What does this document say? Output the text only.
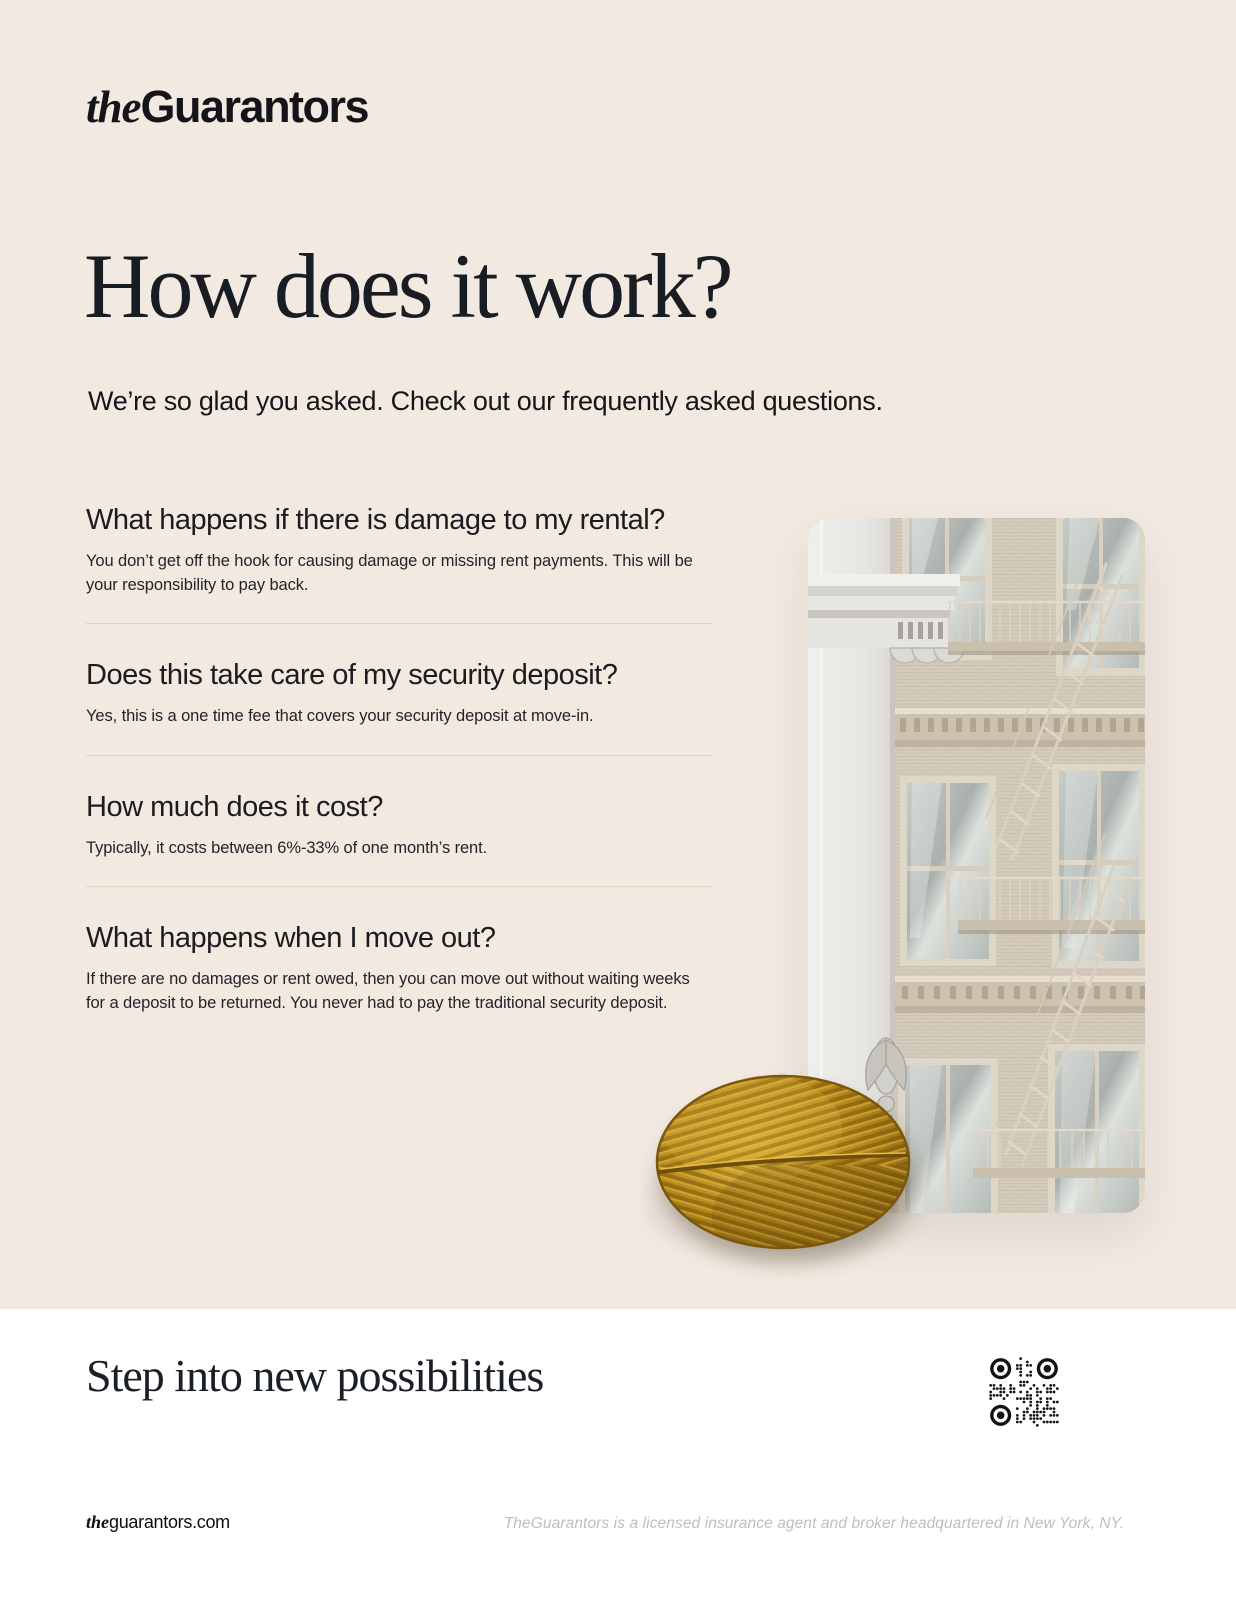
theGuarantors
How does it work?

We’re so glad you asked. Check out our frequently asked questions.

What happens if there is damage to my rental?

You don’t get off the hook for causing damage or missing rent payments. This will be your responsibility to pay back.

Does this take care of my security deposit?

Yes, this is a one time fee that covers your security deposit at move-in.

How much does it cost?

Typically, it costs between 6%-33% of one month’s rent.

What happens when I move out?

If there are no damages or rent owed, then you can move out without waiting weeks for a deposit to be returned. You never had to pay the traditional security deposit.

Step into new possibilities
theguarantors.com	TheGuarantors is a licensed insurance agent and broker headquartered in New York, NY.
